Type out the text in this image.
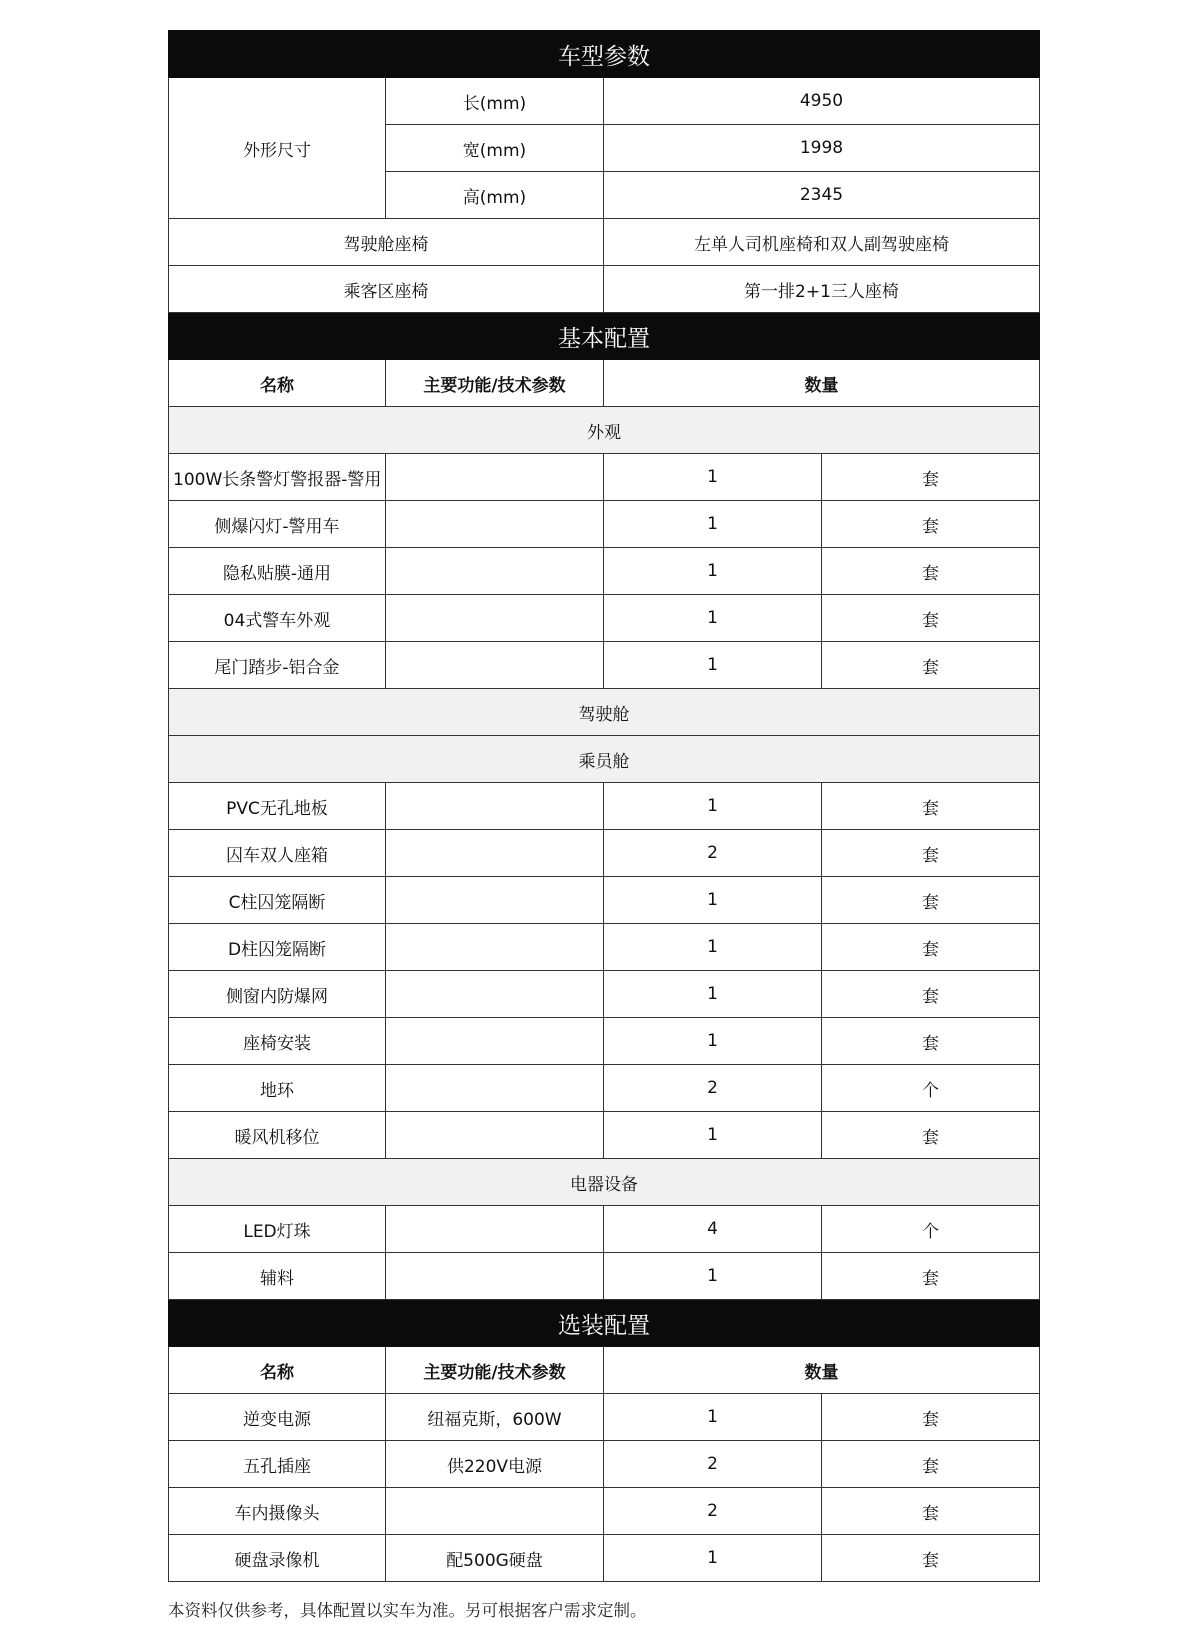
车型参数			
外形尺寸	长(mm)	4950	
	宽(mm)	1998	
	高(mm)	2345	
驾驶舱座椅		左单人司机座椅和双人副驾驶座椅	
乘客区座椅		第一排2+1三人座椅	
基本配置			
名称	主要功能/技术参数	数量	
外观			
100W长条警灯警报器-警用		1	套
侧爆闪灯-警用车		1	套
隐私贴膜-通用		1	套
04式警车外观		1	套
尾门踏步-铝合金		1	套
驾驶舱			
乘员舱			
PVC无孔地板		1	套
囚车双人座箱		2	套
C柱囚笼隔断		1	套
D柱囚笼隔断		1	套
侧窗内防爆网		1	套
座椅安装		1	套
地环		2	个
暖风机移位		1	套
电器设备			
LED灯珠		4	个
辅料		1	套
选装配置			
名称	主要功能/技术参数	数量	
逆变电源	纽福克斯，600W	1	套
五孔插座	供220V电源	2	套
车内摄像头		2	套
硬盘录像机	配500G硬盘	1	套

本资料仅供参考，具体配置以实车为准。另可根据客户需求定制。
